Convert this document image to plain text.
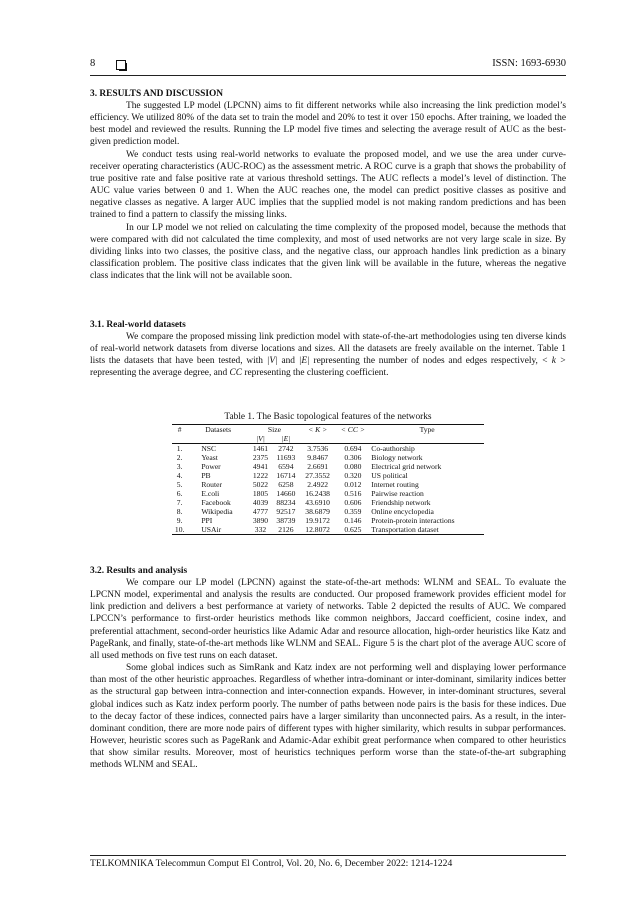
8	ISSN: 1693-6930
3. RESULTS AND DISCUSSION

The suggested LP model (LPCNN) aims to fit different networks while also increasing the link prediction model’s efficiency. We utilized 80% of the data set to train the model and 20% to test it over 150 epochs. After training, we loaded the best model and reviewed the results. Running the LP model five times and selecting the average result of AUC as the best-given prediction model.

We conduct tests using real-world networks to evaluate the proposed model, and we use the area under curve-receiver operating characteristics (AUC-ROC) as the assessment metric. A ROC curve is a graph that shows the probability of true positive rate and false positive rate at various threshold settings. The AUC reflects a model’s level of distinction. The AUC value varies between 0 and 1. When the AUC reaches one, the model can predict positive classes as positive and negative classes as negative. A larger AUC implies that the supplied model is not making random predictions and has been trained to find a pattern to classify the missing links.

In our LP model we not relied on calculating the time complexity of the proposed model, because the methods that were compared with did not calculated the time complexity, and most of used networks are not very large scale in size. By dividing links into two classes, the positive class, and the negative class, our approach handles link prediction as a binary classification problem. The positive class indicates that the given link will be available in the future, whereas the negative class indicates that the link will not be available soon.

3.1. Real-world datasets

We compare the proposed missing link prediction model with state-of-the-art methodologies using ten diverse kinds of real-world network datasets from diverse locations and sizes. All the datasets are freely available on the internet. Table 1 lists the datasets that have been tested, with |V| and |E| representing the number of nodes and edges respectively, < k > representing the average degree, and CC representing the clustering coefficient.

Table 1. The Basic topological features of the networks
#	Datasets	Size		< K >	< CC >	Type
		|V|	|E|			
1.	NSC	1461	2742	3.7536	0.694	Co-authorship
2.	Yeast	2375	11693	9.8467	0.306	Biology network
3.	Power	4941	6594	2.6691	0.080	Electrical grid network
4.	PB	1222	16714	27.3552	0.320	US political
5.	Router	5022	6258	2.4922	0.012	Internet routing
6.	E.coli	1805	14660	16.2438	0.516	Pairwise reaction
7.	Facebook	4039	88234	43.6910	0.606	Friendship network
8.	Wikipedia	4777	92517	38.6879	0.359	Online encyclopedia
9.	PPI	3890	38739	19.9172	0.146	Protein-protein interactions
10.	USAir	332	2126	12.8072	0.625	Transportation dataset
3.2. Results and analysis

We compare our LP model (LPCNN) against the state-of-the-art methods: WLNM and SEAL. To evaluate the LPCNN model, experimental and analysis the results are conducted. Our proposed framework provides efficient model for link prediction and delivers a best performance at variety of networks. Table 2 depicted the results of AUC. We compared LPCCN’s performance to first-order heuristics methods like common neighbors, Jaccard coefficient, cosine index, and preferential attachment, second-order heuristics like Adamic Adar and resource allocation, high-order heuristics like Katz and PageRank, and finally, state-of-the-art methods like WLNM and SEAL. Figure 5 is the chart plot of the average AUC score of all used methods on five test runs on each dataset.

Some global indices such as SimRank and Katz index are not performing well and displaying lower performance than most of the other heuristic approaches. Regardless of whether intra-dominant or inter-dominant, similarity indices better as the structural gap between intra-connection and inter-connection expands. However, in inter-dominant structures, several global indices such as Katz index perform poorly. The number of paths between node pairs is the basis for these indices. Due to the decay factor of these indices, connected pairs have a larger similarity than unconnected pairs. As a result, in the inter-dominant condition, there are more node pairs of different types with higher similarity, which results in subpar performances. However, heuristic scores such as PageRank and Adamic-Adar exhibit great performance when compared to other heuristics that show similar results. Moreover, most of heuristics techniques perform worse than the state-of-the-art subgraphing methods WLNM and SEAL.

TELKOMNIKA Telecommun Comput El Control, Vol. 20, No. 6, December 2022: 1214-1224
